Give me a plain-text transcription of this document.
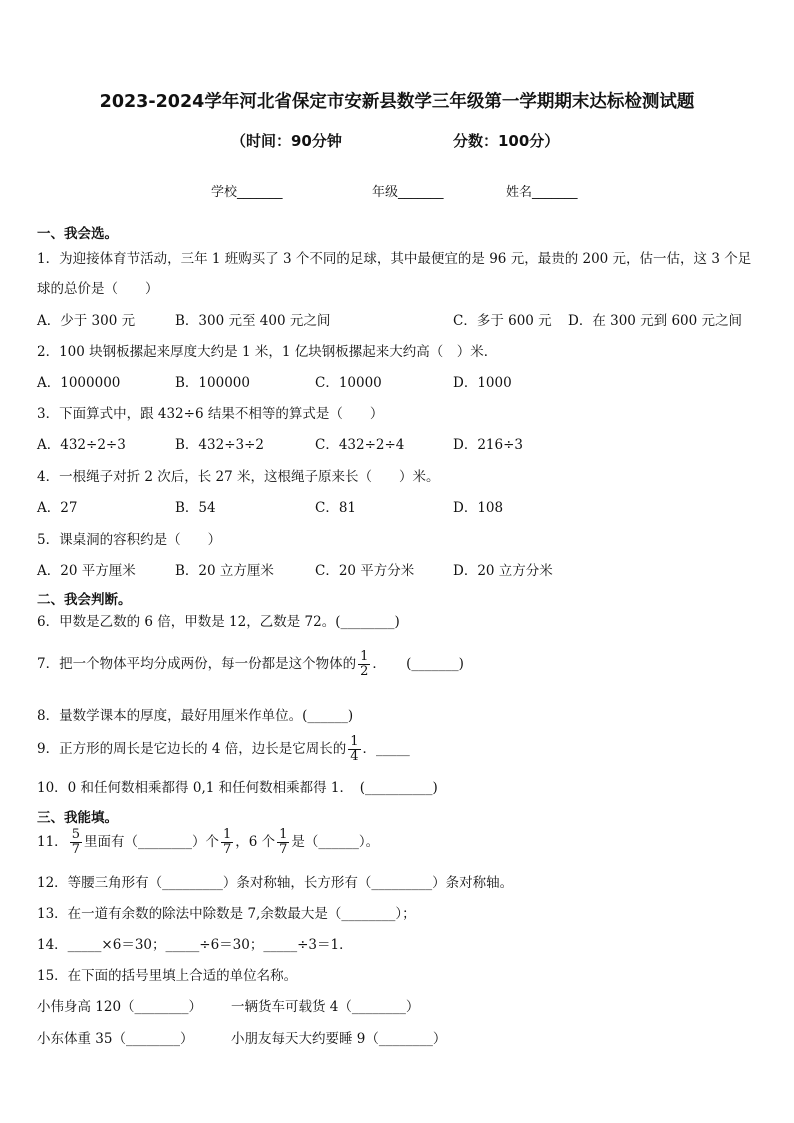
2023-2024学年河北省保定市安新县数学三年级第一学期期末达标检测试题
（时间：90分钟	分数：100分）
学校_______	年级_______	姓名_______
一、我会选。
1．为迎接体育节活动，三年 1 班购买了 3 个不同的足球，其中最便宜的是 96 元，最贵的 200 元，估一估，这 3 个足
球的总价是（　　）
A．少于 300 元	B．300 元至 400 元之间	C．多于 600 元 D．在 300 元到 600 元之间
2．100 块钢板摞起来厚度大约是 1 米，1 亿块钢板摞起来大约高（　）米．
A．1000000	B．100000	C．10000	D．1000
3．下面算式中，跟 432÷6 结果不相等的算式是（　　）
A．432÷2÷3	B．432÷3÷2	C．432÷2÷4	D．216÷3
4．一根绳子对折 2 次后，长 27 米，这根绳子原来长（　　）米。
A．27	B．54	C．81	D．108
5．课桌洞的容积约是（　　）
A．20 平方厘米	B．20 立方厘米	C．20 平方分米	D．20 立方分米
二、我会判断。
6．甲数是乙数的 6 倍，甲数是 12，乙数是 72。(________)
7．把一个物体平均分成两份，每一份都是这个物体的 $\frac{1}{2}$ ．　　(_______)
8．量数学课本的厚度，最好用厘米作单位。(______)
9．正方形的周长是它边长的 4 倍，边长是它周长的 $\frac{1}{4}$ ．_____
10．0 和任何数相乘都得 0,1 和任何数相乘都得 1．　(__________)
三、我能填。
11． $\frac{5}{7}$ 里面有（________）个 $\frac{1}{7}$ ，6 个 $\frac{1}{7}$ 是（______）。
12．等腰三角形有（_________）条对称轴，长方形有（_________）条对称轴。
13．在一道有余数的除法中除数是 7,余数最大是（________）；
14．_____×6＝30；_____÷6＝30；_____÷3＝1．
15．在下面的括号里填上合适的单位名称。
小伟身高 120（________） 一辆货车可载货 4（________）
小东体重 35（________）	小朋友每天大约要睡 9（________）
